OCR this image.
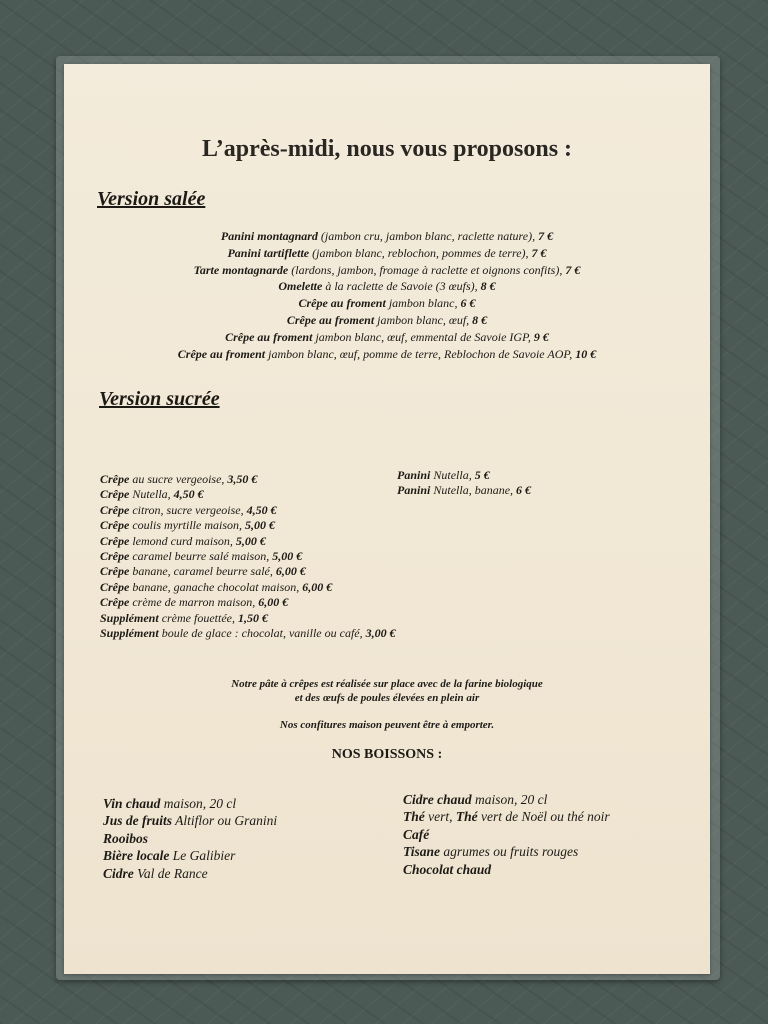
L’après-midi, nous vous proposons :
Version salée
Panini montagnard (jambon cru, jambon blanc, raclette nature), 7 €
Panini tartiflette (jambon blanc, reblochon, pommes de terre), 7 €
Tarte montagnarde (lardons, jambon, fromage à raclette et oignons confits), 7 €
Omelette à la raclette de Savoie (3 œufs), 8 €
Crêpe au froment jambon blanc, 6 €
Crêpe au froment jambon blanc, œuf, 8 €
Crêpe au froment jambon blanc, œuf, emmental de Savoie IGP, 9 €
Crêpe au froment jambon blanc, œuf, pomme de terre, Reblochon de Savoie AOP, 10 €
Version sucrée
Crêpe au sucre vergeoise, 3,50 €
Crêpe Nutella, 4,50 €
Crêpe citron, sucre vergeoise, 4,50 €
Crêpe coulis myrtille maison, 5,00 €
Crêpe lemond curd maison, 5,00 €
Crêpe caramel beurre salé maison, 5,00 €
Crêpe banane, caramel beurre salé, 6,00 €
Crêpe banane, ganache chocolat maison, 6,00 €
Crêpe crème de marron maison, 6,00 €
Supplément crème fouettée, 1,50 €
Supplément boule de glace : chocolat, vanille ou café, 3,00 €
Panini Nutella, 5 €
Panini Nutella, banane, 6 €
Notre pâte à crêpes est réalisée sur place avec de la farine biologique
et des œufs de poules élevées en plein air
Nos confitures maison peuvent être à emporter.
NOS BOISSONS :
Vin chaud maison, 20 cl
Jus de fruits Altiflor ou Granini
Rooibos
Bière locale Le Galibier
Cidre Val de Rance
Cidre chaud maison, 20 cl
Thé vert, Thé vert de Noël ou thé noir
Café
Tisane agrumes ou fruits rouges
Chocolat chaud
